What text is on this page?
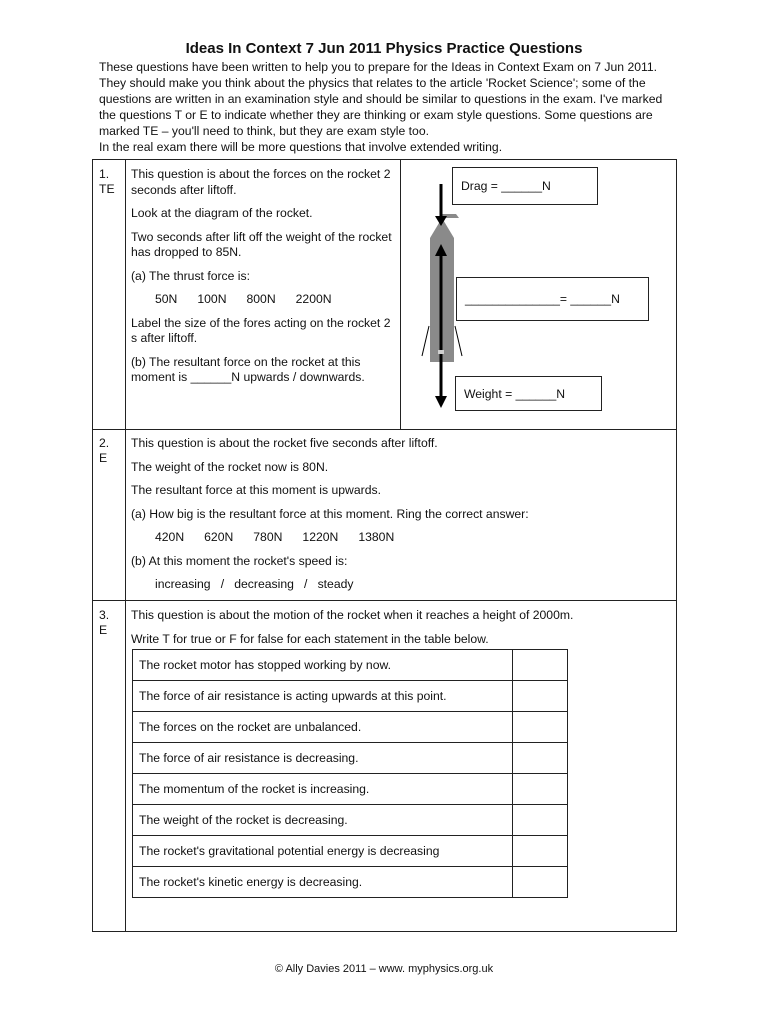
Ideas In Context 7 Jun 2011 Physics Practice Questions

These questions have been written to help you to prepare for the Ideas in Context Exam on 7 Jun 2011. They should make you think about the physics that relates to the article 'Rocket Science'; some of the questions are written in an examination style and should be similar to questions in the exam. I've marked the questions T or E to indicate whether they are thinking or exam style questions. Some questions are marked TE – you'll need to think, but they are exam style too.

In the real exam there will be more questions that involve extended writing.

1.
TE
This question is about the forces on the rocket 2 seconds after liftoff.
Look at the diagram of the rocket.
Two seconds after lift off the weight of the rocket has dropped to 85N.
(a) The thrust force is:
50N 100N 800N 2200N
Label the size of the fores acting on the rocket 2 s after liftoff.
(b) The resultant force on the rocket at this moment is ______N upwards / downwards.
Drag = ______N
______________= ______N
Weight = ______N
2.
E
This question is about the rocket five seconds after liftoff.
The weight of the rocket now is 80N.
The resultant force at this moment is upwards.
(a) How big is the resultant force at this moment. Ring the correct answer:
420N 620N 780N 1220N 1380N
(b) At this moment the rocket's speed is:
increasing   /   decreasing   /   steady
3.
E
This question is about the motion of the rocket when it reaches a height of 2000m.
Write T for true or F for false for each statement in the table below.
The rocket motor has stopped working by now.	
The force of air resistance is acting upwards at this point.	
The forces on the rocket are unbalanced.	
The force of air resistance is decreasing.	
The momentum of the rocket is increasing.	
The weight of the rocket is decreasing.	
The rocket's gravitational potential energy is decreasing	
The rocket's kinetic energy is decreasing.	
© Ally Davies 2011 – www. myphysics.org.uk
